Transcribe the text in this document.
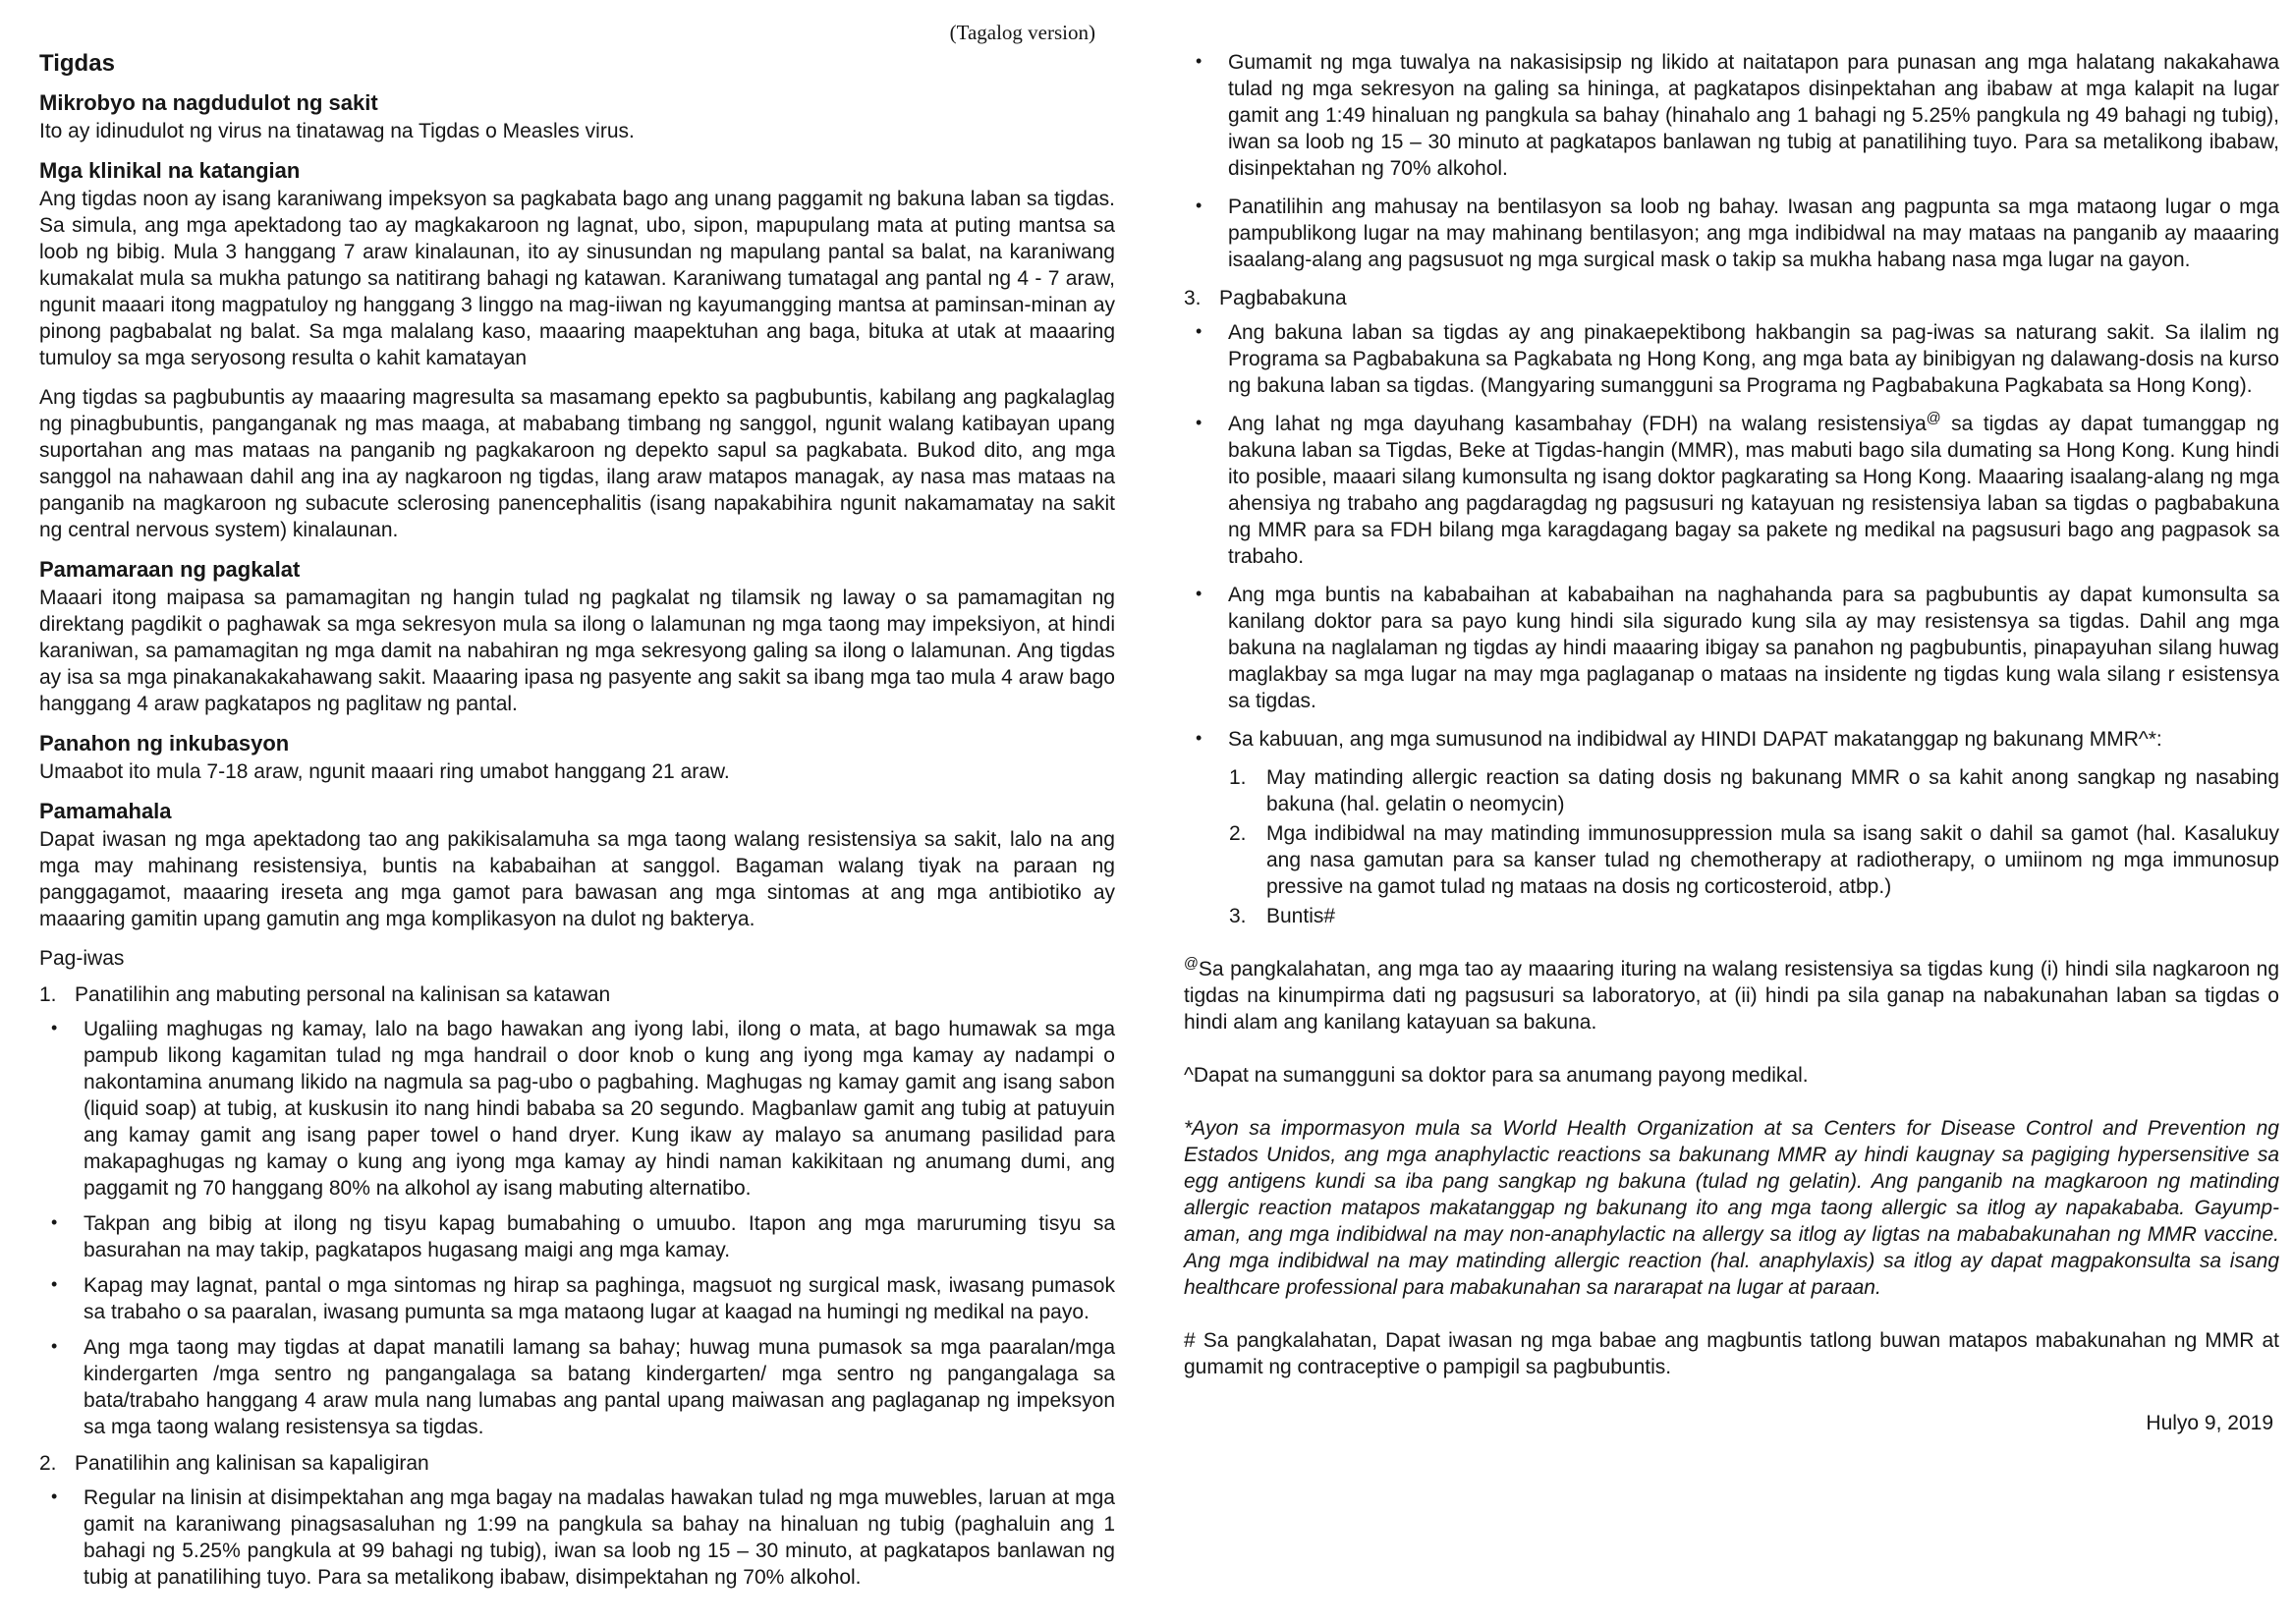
(Tagalog version)
Tigdas
Mikrobyo na nagdudulot ng sakit

Ito ay idinudulot ng virus na tinatawag na Tigdas o Measles virus.

Mga klinikal na katangian

Ang tigdas noon ay isang karaniwang impeksyon sa pagkabata bago ang unang paggamit ng bakuna laban sa tigdas. Sa simula, ang mga apektadong tao ay magkakaroon ng lagnat, ubo, sipon, mapupulang mata at puting mantsa sa loob ng bibig. Mula 3 hanggang 7 araw kinalaunan, ito ay sinusundan ng mapulang pantal sa balat, na karaniwang kumakalat mula sa mukha patungo sa natitirang bahagi ng katawan. Karaniwang tumatagal ang pantal ng 4 - 7 araw, ngunit maaari itong magpatuloy ng hanggang 3 linggo na mag-iiwan ng kayumangging mantsa at paminsan-minan ay pinong pagbabalat ng balat. Sa mga malalang kaso, maaaring maapektuhan ang baga, bituka at utak at maaaring tumuloy sa mga seryosong resulta o kahit kamatayan

Ang tigdas sa pagbubuntis ay maaaring magresulta sa masamang epekto sa pagbubuntis, kabilang ang pagkalaglag ng pinagbubuntis, panganganak ng mas maaga, at mababang timbang ng sanggol, ngunit walang katibayan upang suportahan ang mas mataas na panganib ng pagkakaroon ng depekto sapul sa pagkabata. Bukod dito, ang mga sanggol na nahawaan dahil ang ina ay nagkaroon ng tigdas, ilang araw matapos managak, ay nasa mas mataas na panganib na magkaroon ng subacute sclerosing panencephalitis (isang napakabihira ngunit nakamamatay na sakit ng central nervous system) kinalaunan.

Pamamaraan ng pagkalat

Maaari itong maipasa sa pamamagitan ng hangin tulad ng pagkalat ng tilamsik ng laway o sa pamamagitan ng direktang pagdikit o paghawak sa mga sekresyon mula sa ilong o lalamunan ng mga taong may impeksiyon, at hindi karaniwan, sa pamamagitan ng mga damit na nabahiran ng mga sekresyong galing sa ilong o lalamunan. Ang tigdas ay isa sa mga pinakanakakahawang sakit. Maaaring ipasa ng pasyente ang sakit sa ibang mga tao mula 4 araw bago hanggang 4 araw pagkatapos ng paglitaw ng pantal.

Panahon ng inkubasyon

Umaabot ito mula 7-18 araw, ngunit maaari ring umabot hanggang 21 araw.

Pamamahala

Dapat iwasan ng mga apektadong tao ang pakikisalamuha sa mga taong walang resistensiya sa sakit, lalo na ang mga may mahinang resistensiya, buntis na kababaihan at sanggol. Bagaman walang tiyak na paraan ng panggagamot, maaaring ireseta ang mga gamot para bawasan ang mga sintomas at ang mga antibiotiko ay maaaring gamitin upang gamutin ang mga komplikasyon na dulot ng bakterya.

Pag-iwas
1. Panatilihin ang mabuting personal na kalinisan sa katawan

• Ugaliing maghugas ng kamay, lalo na bago hawakan ang iyong labi, ilong o mata, at bago humawak sa mga pampub likong kagamitan tulad ng mga handrail o door knob o kung ang iyong mga kamay ay nadampi o nakontamina anumang likido na nagmula sa pag-ubo o pagbahing. Maghugas ng kamay gamit ang isang sabon (liquid soap) at tubig, at kuskusin ito nang hindi bababa sa 20 segundo. Magbanlaw gamit ang tubig at patuyuin ang kamay gamit ang isang paper towel o hand dryer. Kung ikaw ay malayo sa anumang pasilidad para makapaghugas ng kamay o kung ang iyong mga kamay ay hindi naman kakikitaan ng anumang dumi, ang paggamit ng 70 hanggang 80% na alkohol ay isang mabuting alternatibo.

• Takpan ang bibig at ilong ng tisyu kapag bumabahing o umuubo. Itapon ang mga maruruming tisyu sa basurahan na may takip, pagkatapos hugasang maigi ang mga kamay.

• Kapag may lagnat, pantal o mga sintomas ng hirap sa paghinga, magsuot ng surgical mask, iwasang pumasok sa trabaho o sa paaralan, iwasang pumunta sa mga mataong lugar at kaagad na humingi ng medikal na payo.

• Ang mga taong may tigdas at dapat manatili lamang sa bahay; huwag muna pumasok sa mga paaralan/mga kindergarten /mga sentro ng pangangalaga sa batang kindergarten/ mga sentro ng pangangalaga sa bata/trabaho hanggang 4 araw mula nang lumabas ang pantal upang maiwasan ang paglaganap ng impeksyon sa mga taong walang resistensya sa tigdas.

2. Panatilihin ang kalinisan sa kapaligiran

• Regular na linisin at disimpektahan ang mga bagay na madalas hawakan tulad ng mga muwebles, laruan at mga gamit na karaniwang pinagsasaluhan ng 1:99 na pangkula sa bahay na hinaluan ng tubig (paghaluin ang 1 bahagi ng 5.25% pangkula at 99 bahagi ng tubig), iwan sa loob ng 15 – 30 minuto, at pagkatapos banlawan ng tubig at panatilihing tuyo. Para sa metalikong ibabaw, disimpektahan ng 70% alkohol.

• Gumamit ng mga tuwalya na nakasisipsip ng likido at naitatapon para punasan ang mga halatang nakakahawa tulad ng mga sekresyon na galing sa hininga, at pagkatapos disinpektahan ang ibabaw at mga kalapit na lugar gamit ang 1:49 hinaluan ng pangkula sa bahay (hinahalo ang 1 bahagi ng 5.25% pangkula ng 49 bahagi ng tubig), iwan sa loob ng 15 – 30 minuto at pagkatapos banlawan ng tubig at panatilihing tuyo. Para sa metalikong ibabaw, disinpektahan ng 70% alkohol.

• Panatilihin ang mahusay na bentilasyon sa loob ng bahay. Iwasan ang pagpunta sa mga mataong lugar o mga pampublikong lugar na may mahinang bentilasyon; ang mga indibidwal na may mataas na panganib ay maaaring isaalang-alang ang pagsusuot ng mga surgical mask o takip sa mukha habang nasa mga lugar na gayon.

3. Pagbabakuna

• Ang bakuna laban sa tigdas ay ang pinakaepektibong hakbangin sa pag-iwas sa naturang sakit. Sa ilalim ng Programa sa Pagbabakuna sa Pagkabata ng Hong Kong, ang mga bata ay binibigyan ng dalawang-dosis na kurso ng bakuna laban sa tigdas. (Mangyaring sumangguni sa Programa ng Pagbabakuna Pagkabata sa Hong Kong).

• Ang lahat ng mga dayuhang kasambahay (FDH) na walang resistensiya@ sa tigdas ay dapat tumanggap ng bakuna laban sa Tigdas, Beke at Tigdas-hangin (MMR), mas mabuti bago sila dumating sa Hong Kong. Kung hindi ito posible, maaari silang kumonsulta ng isang doktor pagkarating sa Hong Kong. Maaaring isaalang-alang ng mga ahensiya ng trabaho ang pagdaragdag ng pagsusuri ng katayuan ng resistensiya laban sa tigdas o pagbabakuna ng MMR para sa FDH bilang mga karagdagang bagay sa pakete ng medikal na pagsusuri bago ang pagpasok sa trabaho.

• Ang mga buntis na kababaihan at kababaihan na naghahanda para sa pagbubuntis ay dapat kumonsulta sa kanilang doktor para sa payo kung hindi sila sigurado kung sila ay may resistensya sa tigdas. Dahil ang mga bakuna na naglalaman ng tigdas ay hindi maaaring ibigay sa panahon ng pagbubuntis, pinapayuhan silang huwag maglakbay sa mga lugar na may mga paglaganap o mataas na insidente ng tigdas kung wala silang r esistensya sa tigdas.

• Sa kabuuan, ang mga sumusunod na indibidwal ay HINDI DAPAT makatanggap ng bakunang MMR^*:

1. May matinding allergic reaction sa dating dosis ng bakunang MMR o sa kahit anong sangkap ng nasabing bakuna (hal. gelatin o neomycin)
2. Mga indibidwal na may matinding immunosuppression mula sa isang sakit o dahil sa gamot (hal. Kasalukuy ang nasa gamutan para sa kanser tulad ng chemotherapy at radiotherapy, o umiinom ng mga immunosup pressive na gamot tulad ng mataas na dosis ng corticosteroid, atbp.)
3. Buntis#

@Sa pangkalahatan, ang mga tao ay maaaring ituring na walang resistensiya sa tigdas kung (i) hindi sila nagkaroon ng tigdas na kinumpirma dati ng pagsusuri sa laboratoryo, at (ii) hindi pa sila ganap na nabakunahan laban sa tigdas o hindi alam ang kanilang katayuan sa bakuna.

^Dapat na sumangguni sa doktor para sa anumang payong medikal.

*Ayon sa impormasyon mula sa World Health Organization at sa Centers for Disease Control and Prevention ng Estados Unidos, ang mga anaphylactic reactions sa bakunang MMR ay hindi kaugnay sa pagiging hypersensitive sa egg antigens kundi sa iba pang sangkap ng bakuna (tulad ng gelatin). Ang panganib na magkaroon ng matinding allergic reaction matapos makatanggap ng bakunang ito ang mga taong allergic sa itlog ay napakababa. Gayump-aman, ang mga indibidwal na may non-anaphylactic na allergy sa itlog ay ligtas na mababakunahan ng MMR vaccine. Ang mga indibidwal na may matinding allergic reaction (hal. anaphylaxis) sa itlog ay dapat magpakonsulta sa isang healthcare professional para mabakunahan sa nararapat na lugar at paraan.

# Sa pangkalahatan, Dapat iwasan ng mga babae ang magbuntis tatlong buwan matapos mabakunahan ng MMR at gumamit ng contraceptive o pampigil sa pagbubuntis.

Hulyo 9, 2019
